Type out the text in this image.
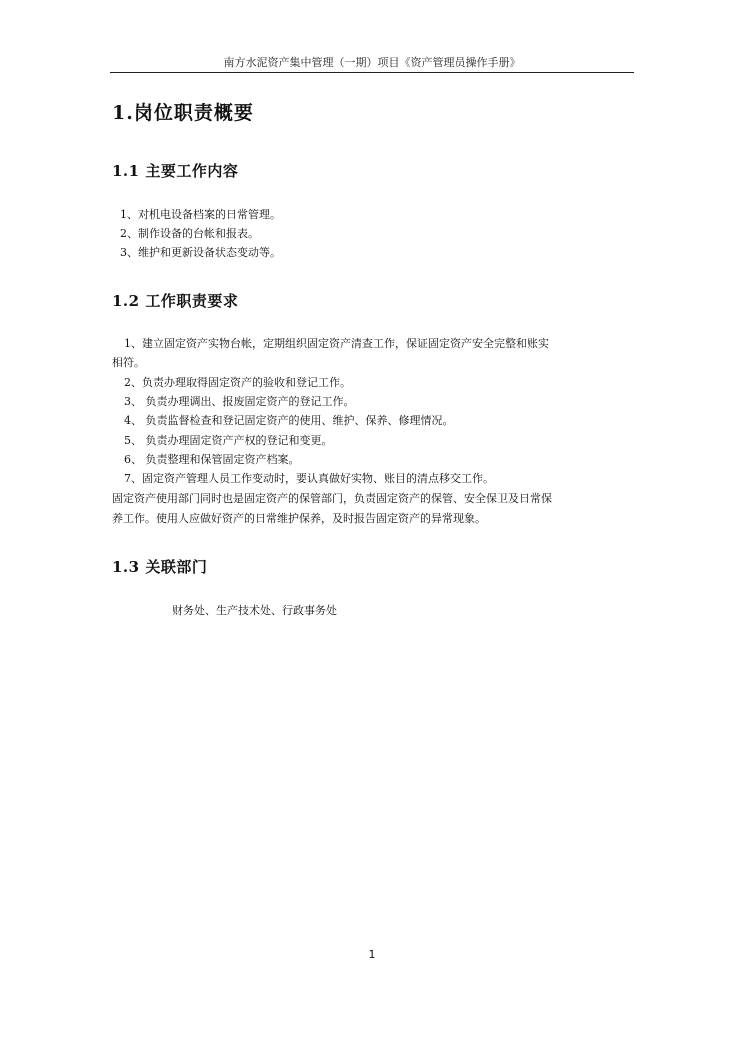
南方水泥资产集中管理（一期）项目《资产管理员操作手册》
1.岗位职责概要
1.1 主要工作内容
1、对机电设备档案的日常管理。
2、制作设备的台帐和报表。
3、维护和更新设备状态变动等。
1.2 工作职责要求
1、建立固定资产实物台帐，定期组织固定资产清查工作，保证固定资产安全完整和账实
相符。
2、负责办理取得固定资产的验收和登记工作。
3、 负责办理调出、报废固定资产的登记工作。
4、 负责监督检查和登记固定资产的使用、维护、保养、修理情况。
5、 负责办理固定资产产权的登记和变更。
6、 负责整理和保管固定资产档案。
7、固定资产管理人员工作变动时，要认真做好实物、账目的清点移交工作。
固定资产使用部门同时也是固定资产的保管部门，负责固定资产的保管、安全保卫及日常保
养工作。使用人应做好资产的日常维护保养，及时报告固定资产的异常现象。
1.3 关联部门
财务处、生产技术处、行政事务处
1
